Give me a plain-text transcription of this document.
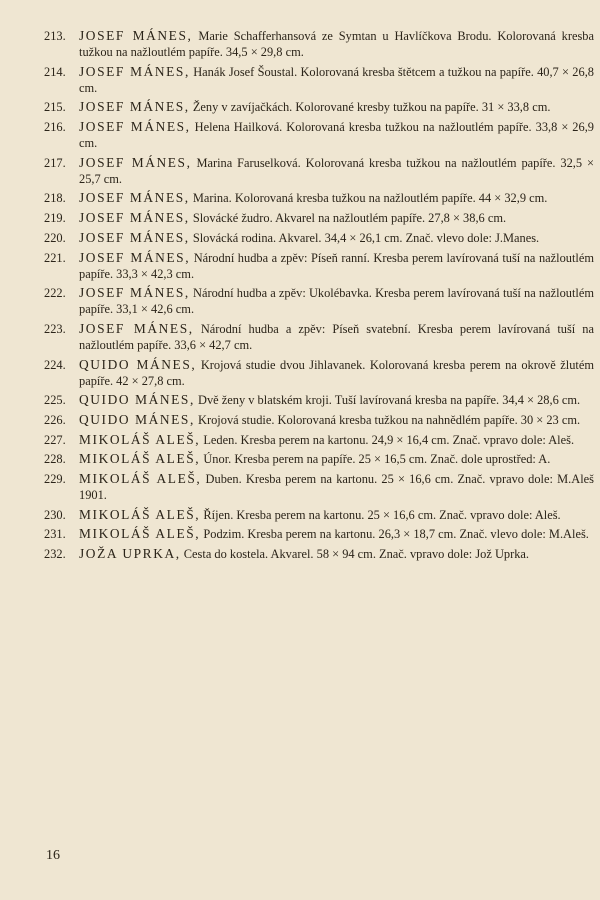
213. JOSEF MÁNES, Marie Schafferhansová ze Symtan u Havlíčkova Brodu. Kolorovaná kresba tužkou na nažloutlém papíře. 34,5 × 29,8 cm.
214. JOSEF MÁNES, Hanák Josef Šoustal. Kolorovaná kresba štětcem a tužkou na papíře. 40,7 × 26,8 cm.
215. JOSEF MÁNES, Ženy v zavíjačkách. Kolorované kresby tužkou na papíře. 31 × 33,8 cm.
216. JOSEF MÁNES, Helena Hailková. Kolorovaná kresba tužkou na nažloutlém papíře. 33,8 × 26,9 cm.
217. JOSEF MÁNES, Marina Faruselková. Kolorovaná kresba tužkou na nažloutlém papíře. 32,5 × 25,7 cm.
218. JOSEF MÁNES, Marina. Kolorovaná kresba tužkou na nažloutlém papíře. 44 × 32,9 cm.
219. JOSEF MÁNES, Slovácké žudro. Akvarel na nažloutlém papíře. 27,8 × 38,6 cm.
220. JOSEF MÁNES, Slovácká rodina. Akvarel. 34,4 × 26,1 cm. Znač. vlevo dole: J.Manes.
221. JOSEF MÁNES, Národní hudba a zpěv: Píseň ranní. Kresba perem lavírovaná tuší na nažloutlém papíře. 33,3 × 42,3 cm.
222. JOSEF MÁNES, Národní hudba a zpěv: Ukolébavka. Kresba perem lavírovaná tuší na nažloutlém papíře. 33,1 × 42,6 cm.
223. JOSEF MÁNES, Národní hudba a zpěv: Píseň svatební. Kresba perem lavírovaná tuší na nažloutlém papíře. 33,6 × 42,7 cm.
224. QUIDO MÁNES, Krojová studie dvou Jihlavanek. Kolorovaná kresba perem na okrově žlutém papíře. 42 × 27,8 cm.
225. QUIDO MÁNES, Dvě ženy v blatském kroji. Tuší lavírovaná kresba na papíře. 34,4 × 28,6 cm.
226. QUIDO MÁNES, Krojová studie. Kolorovaná kresba tužkou na nahnědlém papíře. 30 × 23 cm.
227. MIKOLÁŠ ALEŠ, Leden. Kresba perem na kartonu. 24,9 × 16,4 cm. Znač. vpravo dole: Aleš.
228. MIKOLÁŠ ALEŠ, Únor. Kresba perem na papíře. 25 × 16,5 cm. Znač. dole uprostřed: A.
229. MIKOLÁŠ ALEŠ, Duben. Kresba perem na kartonu. 25 × 16,6 cm. Znač. vpravo dole: M.Aleš 1901.
230. MIKOLÁŠ ALEŠ, Říjen. Kresba perem na kartonu. 25 × 16,6 cm. Znač. vpravo dole: Aleš.
231. MIKOLÁŠ ALEŠ, Podzim. Kresba perem na kartonu. 26,3 × 18,7 cm. Znač. vlevo dole: M.Aleš.
232. JOŽA UPRKA, Cesta do kostela. Akvarel. 58 × 94 cm. Znač. vpravo dole: Jož Uprka.
16
